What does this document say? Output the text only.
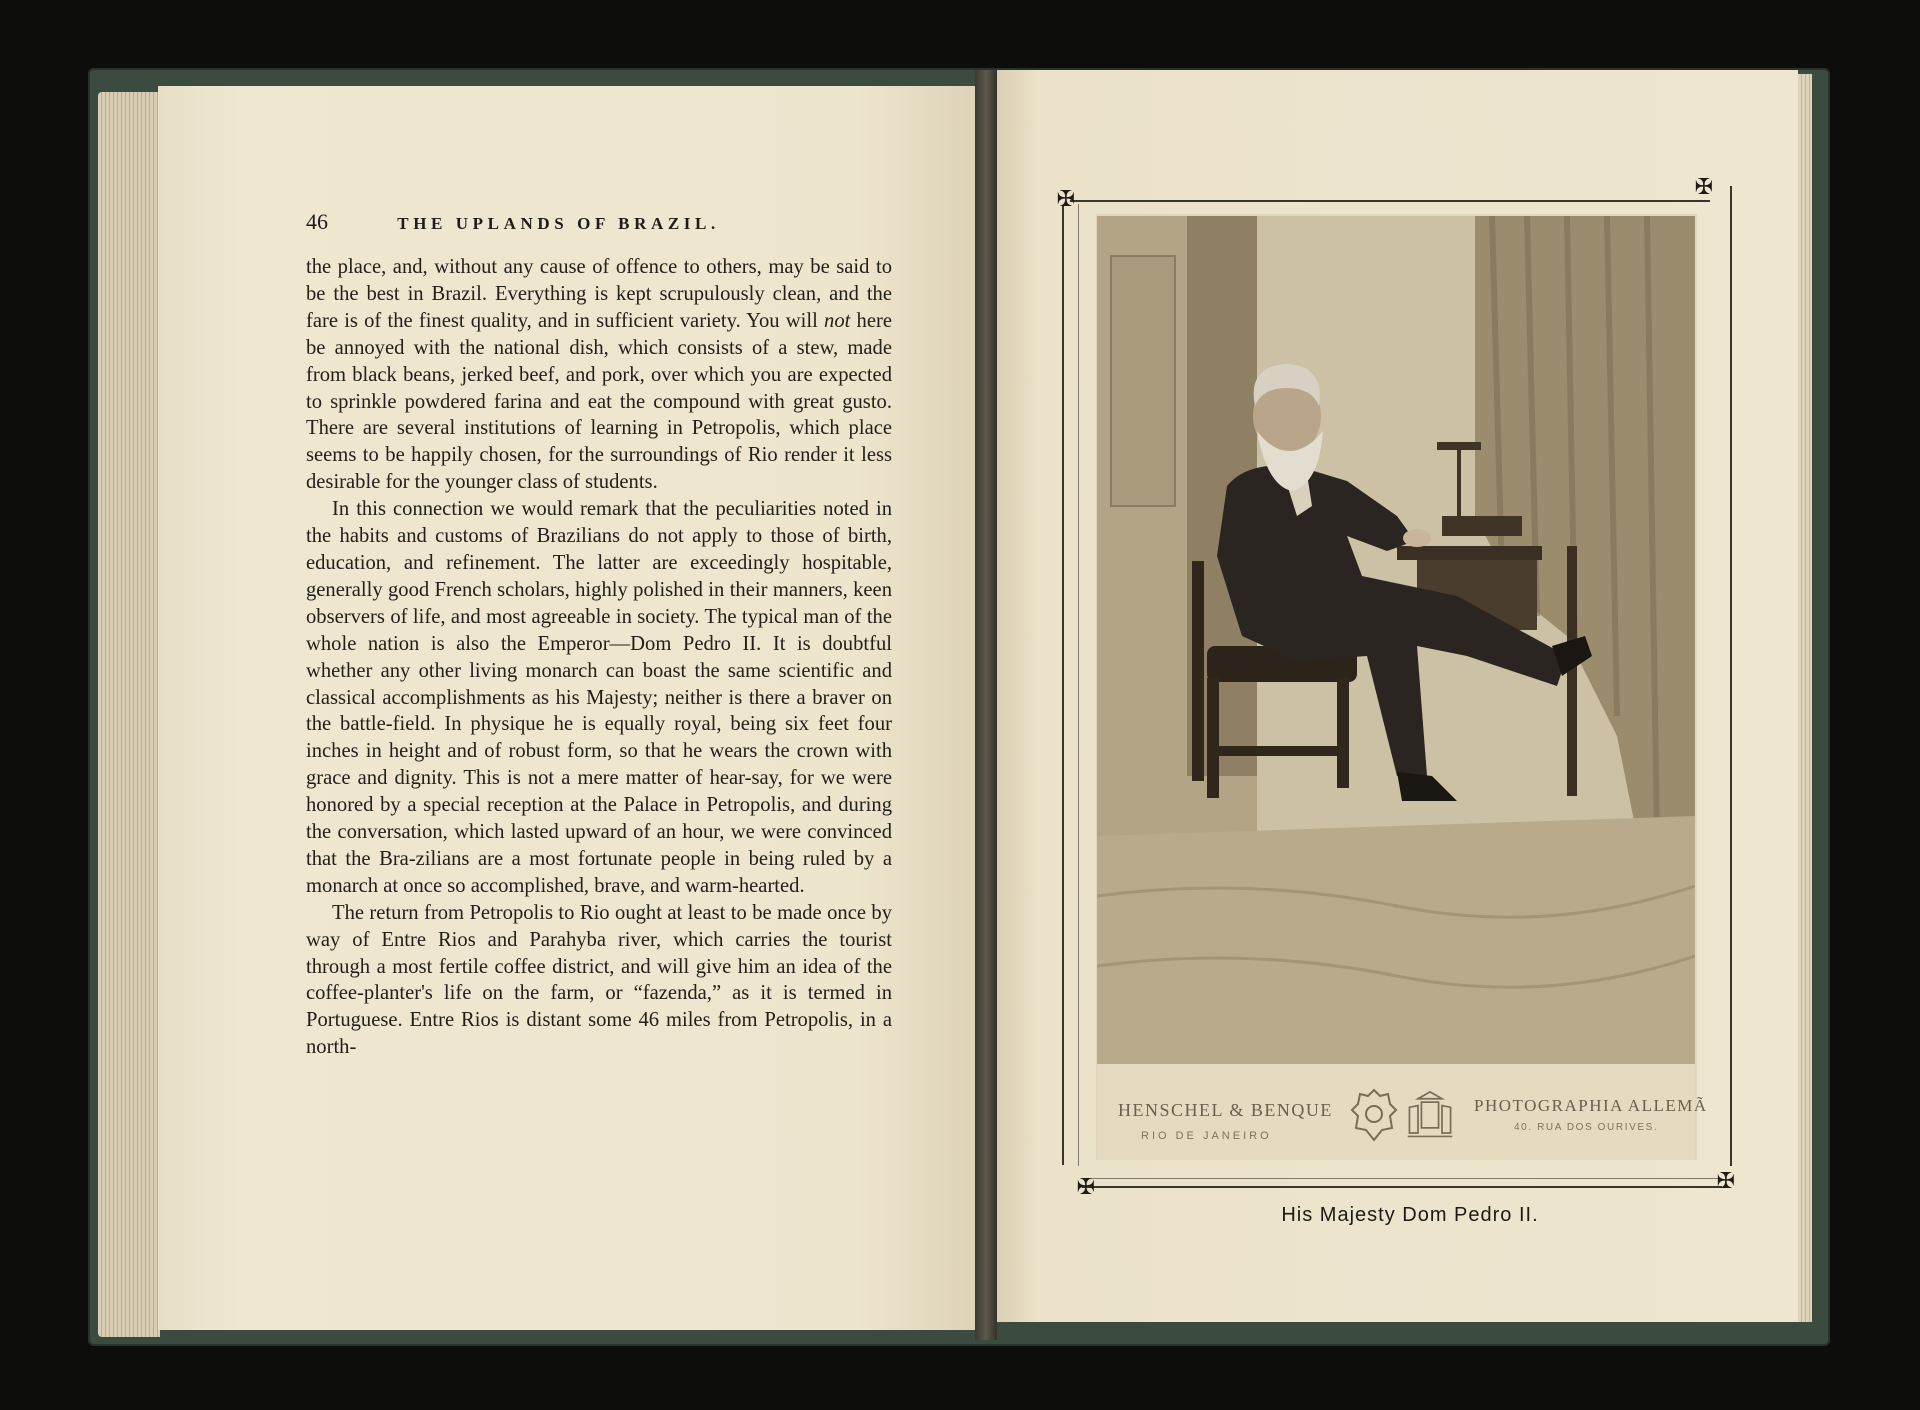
46	THE UPLANDS OF BRAZIL.

the place, and, without any cause of offence to others, may be said to be the best in Brazil. Everything is kept scrupulously clean, and the fare is of the finest quality, and in sufficient variety. You will not here be annoyed with the national dish, which consists of a stew, made from black beans, jerked beef, and pork, over which you are expected to sprinkle powdered farina and eat the compound with great gusto. There are several institutions of learning in Petropolis, which place seems to be happily chosen, for the surroundings of Rio render it less desirable for the younger class of students.

In this connection we would remark that the peculiarities noted in the habits and customs of Brazilians do not apply to those of birth, education, and refinement. The latter are exceedingly hospitable, generally good French scholars, highly polished in their manners, keen observers of life, and most agreeable in society. The typical man of the whole nation is also the Emperor—Dom Pedro II. It is doubtful whether any other living monarch can boast the same scientific and classical accomplishments as his Majesty; neither is there a braver on the battle-field. In physique he is equally royal, being six feet four inches in height and of robust form, so that he wears the crown with grace and dignity. This is not a mere matter of hear-say, for we were honored by a special reception at the Palace in Petropolis, and during the conversation, which lasted upward of an hour, we were convinced that the Bra-zilians are a most fortunate people in being ruled by a monarch at once so accomplished, brave, and warm-hearted.

The return from Petropolis to Rio ought at least to be made once by way of Entre Rios and Parahyba river, which carries the tourist through a most fertile coffee district, and will give him an idea of the coffee-planter's life on the farm, or “fazenda,” as it is termed in Portuguese. Entre Rios is distant some 46 miles from Petropolis, in a north-

✠	✠
✠	✠
HENSCHEL & BENQUE
RIO DE JANEIRO
PHOTOGRAPHIA ALLEMÃ
40. RUA DOS OURIVES.
His Majesty Dom Pedro II.
